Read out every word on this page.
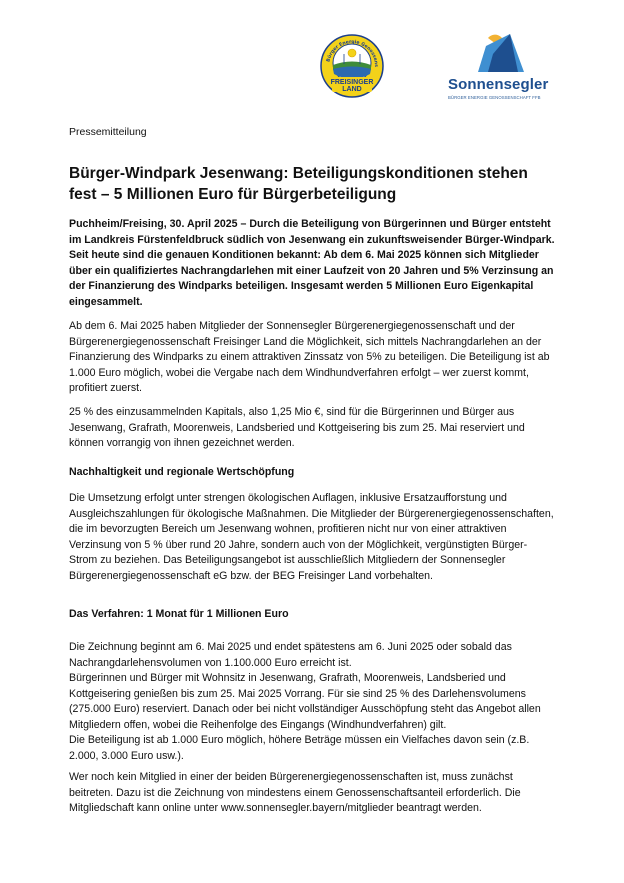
Bürger Energie Genossens
FREISINGER
LAND	Sonnensegler
BÜRGER ENERGIE GENOSSENSCHAFT FFB
Pressemitteilung
Bürger-Windpark Jesenwang: Beteiligungskonditionen stehen fest – 5 Millionen Euro für Bürgerbeteiligung

Puchheim/Freising, 30. April 2025 – Durch die Beteiligung von Bürgerinnen und Bürger entsteht im Landkreis Fürstenfeldbruck südlich von Jesenwang ein zukunftsweisender Bürger-Windpark. Seit heute sind die genauen Konditionen bekannt: Ab dem 6. Mai 2025 können sich Mitglieder über ein qualifiziertes Nachrangdarlehen mit einer Laufzeit von 20 Jahren und 5% Verzinsung an der Finanzierung des Windparks beteiligen. Insgesamt werden 5 Millionen Euro Eigenkapital eingesammelt.

Ab dem 6. Mai 2025 haben Mitglieder der Sonnensegler Bürgerenergiegenossenschaft und der Bürgerenergiegenossenschaft Freisinger Land die Möglichkeit, sich mittels Nachrangdarlehen an der Finanzierung des Windparks zu einem attraktiven Zinssatz von 5% zu beteiligen. Die Beteiligung ist ab 1.000 Euro möglich, wobei die Vergabe nach dem Windhundverfahren erfolgt – wer zuerst kommt, profitiert zuerst.

25 % des einzusammelnden Kapitals, also 1,25 Mio €, sind für die Bürgerinnen und Bürger aus Jesenwang, Grafrath, Moorenweis, Landsberied und Kottgeisering bis zum 25. Mai reserviert und können vorrangig von ihnen gezeichnet werden.

Nachhaltigkeit und regionale Wertschöpfung

Die Umsetzung erfolgt unter strengen ökologischen Auflagen, inklusive Ersatzaufforstung und Ausgleichszahlungen für ökologische Maßnahmen. Die Mitglieder der Bürgerenergiegenossenschaften, die im bevorzugten Bereich um Jesenwang wohnen, profitieren nicht nur von einer attraktiven Verzinsung von 5 % über rund 20 Jahre, sondern auch von der Möglichkeit, vergünstigten Bürger-Strom zu beziehen. Das Beteiligungsangebot ist ausschließlich Mitgliedern der Sonnensegler Bürgerenergiegenossenschaft eG bzw. der BEG Freisinger Land vorbehalten.

Das Verfahren: 1 Monat für 1 Millionen Euro

Die Zeichnung beginnt am 6. Mai 2025 und endet spätestens am 6. Juni 2025 oder sobald das Nachrangdarlehensvolumen von 1.100.000 Euro erreicht ist.

Bürgerinnen und Bürger mit Wohnsitz in Jesenwang, Grafrath, Moorenweis, Landsberied und Kottgeisering genießen bis zum 25. Mai 2025 Vorrang. Für sie sind 25 % des Darlehensvolumens (275.000 Euro) reserviert. Danach oder bei nicht vollständiger Ausschöpfung steht das Angebot allen Mitgliedern offen, wobei die Reihenfolge des Eingangs (Windhundverfahren) gilt.

Die Beteiligung ist ab 1.000 Euro möglich, höhere Beträge müssen ein Vielfaches davon sein (z.B. 2.000, 3.000 Euro usw.).

Wer noch kein Mitglied in einer der beiden Bürgerenergiegenossenschaften ist, muss zunächst beitreten. Dazu ist die Zeichnung von mindestens einem Genossenschaftsanteil erforderlich. Die Mitgliedschaft kann online unter www.sonnensegler.bayern/mitglieder beantragt werden.
